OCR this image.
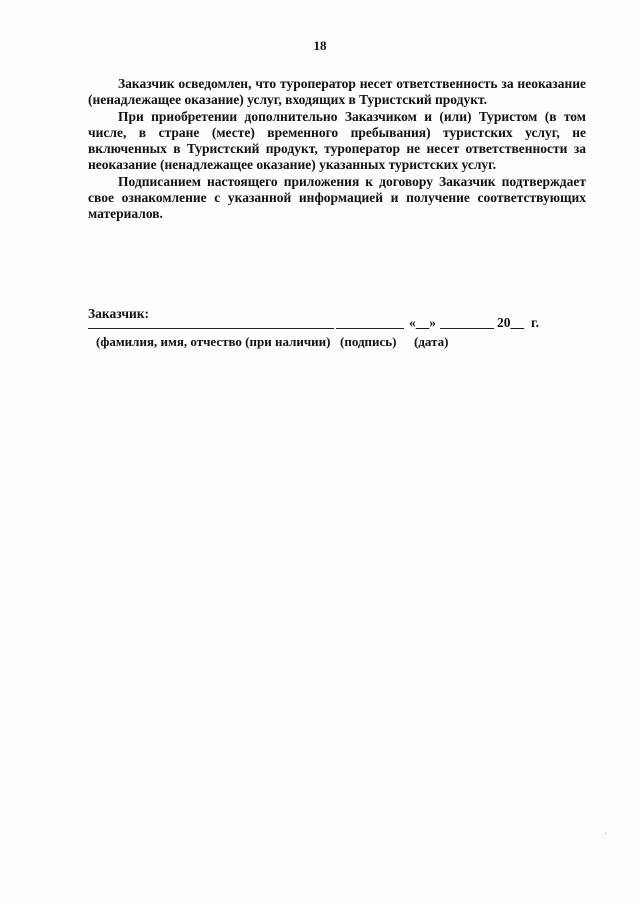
18

Заказчик осведомлен, что туроператор несет ответственность за неоказание (ненадлежащее оказание) услуг, входящих в Туристский продукт.

При приобретении дополнительно Заказчиком и (или) Туристом (в том числе, в стране (месте) временного пребывания) туристских услуг, не включенных в Туристский продукт, туроператор не несет ответственности за неоказание (ненадлежащее оказание) указанных туристских услуг.

Подписанием настоящего приложения к договору Заказчик подтверждает свое ознакомление с указанной информацией и получение соответствующих материалов.

Заказчик:
«__»	20__ г.
(фамилия, имя, отчество (при наличии) (подпись) (дата)
